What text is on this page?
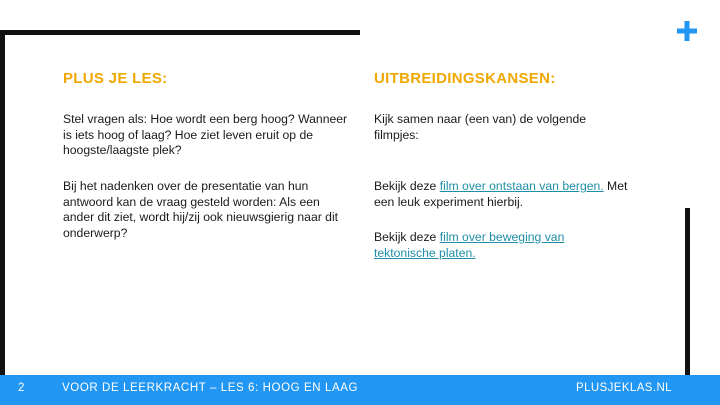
PLUS JE LES:

Stel vragen als: Hoe wordt een berg hoog? Wanneer is iets hoog of laag? Hoe ziet leven eruit op de hoogste/laagste plek?

Bij het nadenken over de presentatie van hun antwoord kan de vraag gesteld worden: Als een ander dit ziet, wordt hij/zij ook nieuwsgierig naar dit onderwerp?

UITBREIDINGSKANSEN:

Kijk samen naar (een van) de volgende filmpjes:

Bekijk deze film over ontstaan van bergen. Met een leuk experiment hierbij.

Bekijk deze film over beweging van tektonische platen.

2	VOOR DE LEERKRACHT – LES 6: HOOG EN LAAG	PLUSJEKLAS.NL
